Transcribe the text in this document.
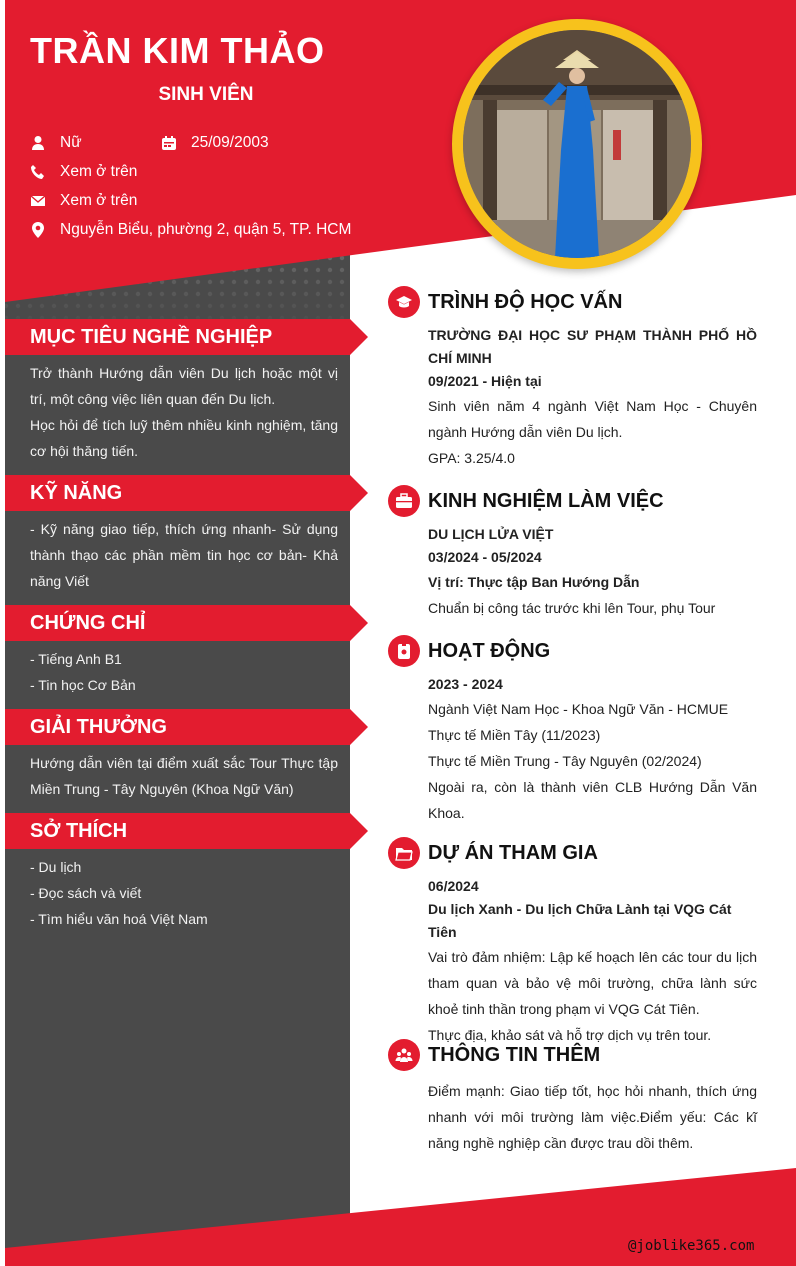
TRẦN KIM THẢO
SINH VIÊN
Nữ	25/09/2003
Xem ở trên
Xem ở trên
Nguyễn Biểu, phường 2, quận 5, TP. HCM
MỤC TIÊU NGHỀ NGHIỆP
Trở thành Hướng dẫn viên Du lịch hoặc một vị trí, một công việc liên quan đến Du lịch.
Học hỏi để tích luỹ thêm nhiều kinh nghiệm, tăng cơ hội thăng tiến.
KỸ NĂNG
- Kỹ năng giao tiếp, thích ứng nhanh- Sử dụng thành thạo các phần mềm tin học cơ bản- Khả năng Viết
CHỨNG CHỈ
- Tiếng Anh B1
- Tin học Cơ Bản
GIẢI THƯỞNG
Hướng dẫn viên tại điểm xuất sắc Tour Thực tập Miền Trung - Tây Nguyên (Khoa Ngữ Văn)
SỞ THÍCH
- Du lịch
- Đọc sách và viết
- Tìm hiểu văn hoá Việt Nam
TRÌNH ĐỘ HỌC VẤN
TRƯỜNG ĐẠI HỌC SƯ PHẠM THÀNH PHỐ HỒ CHÍ MINH
09/2021 - Hiện tại
Sinh viên năm 4 ngành Việt Nam Học - Chuyên ngành Hướng dẫn viên Du lịch.
GPA: 3.25/4.0
KINH NGHIỆM LÀM VIỆC
DU LỊCH LỬA VIỆT
03/2024 - 05/2024
Vị trí: Thực tập Ban Hướng Dẫn
Chuẩn bị công tác trước khi lên Tour, phụ Tour
HOẠT ĐỘNG
2023 - 2024
Ngành Việt Nam Học - Khoa Ngữ Văn - HCMUE
Thực tế Miền Tây (11/2023)
Thực tế Miền Trung - Tây Nguyên (02/2024)
Ngoài ra, còn là thành viên CLB Hướng Dẫn Văn Khoa.
DỰ ÁN THAM GIA
06/2024
Du lịch Xanh - Du lịch Chữa Lành tại VQG Cát Tiên
Vai trò đảm nhiệm: Lập kế hoạch lên các tour du lịch tham quan và bảo vệ môi trường, chữa lành sức khoẻ tinh thần trong phạm vi VQG Cát Tiên.
Thực địa, khảo sát và hỗ trợ dịch vụ trên tour.
THÔNG TIN THÊM
Điểm mạnh: Giao tiếp tốt, học hỏi nhanh, thích ứng nhanh với môi trường làm việc.Điểm yếu: Các kĩ năng nghề nghiệp cần được trau dồi thêm.
@joblike365.com
